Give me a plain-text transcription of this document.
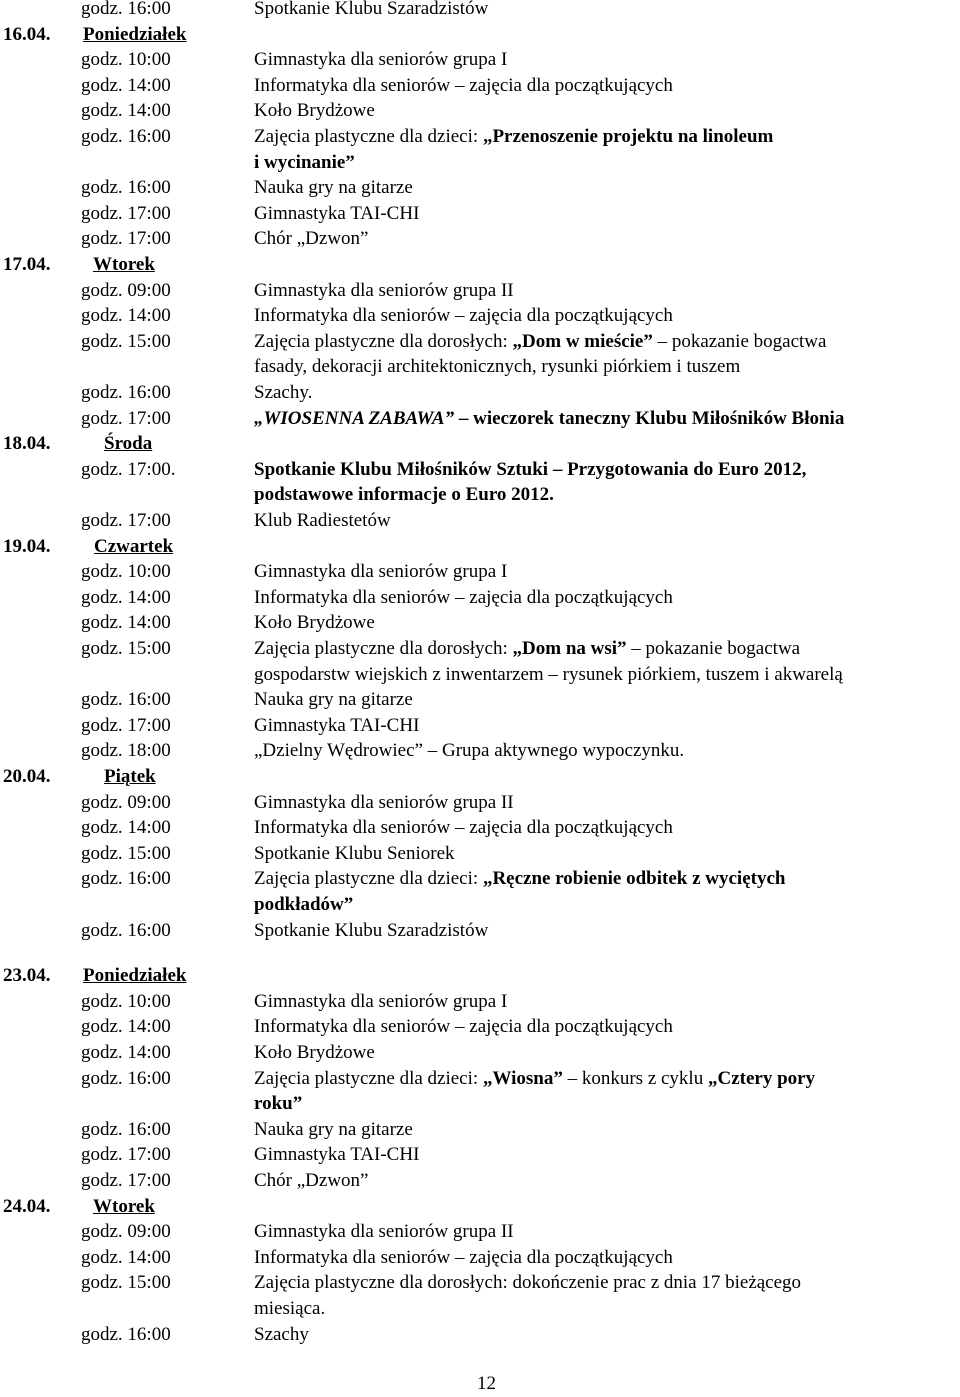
godz. 16:00	Spotkanie Klubu Szaradzistów
16.04. Poniedziałek
godz. 10:00	Gimnastyka dla seniorów grupa I
godz. 14:00	Informatyka dla seniorów – zajęcia dla początkujących
godz. 14:00	Koło Brydżowe
godz. 16:00	Zajęcia plastyczne dla dzieci: „Przenoszenie projektu na linoleum
i wycinanie”
godz. 16:00	Nauka gry na gitarze
godz. 17:00	Gimnastyka TAI-CHI
godz. 17:00	Chór „Dzwon”
17.04. Wtorek
godz. 09:00	Gimnastyka dla seniorów grupa II
godz. 14:00	Informatyka dla seniorów – zajęcia dla początkujących
godz. 15:00	Zajęcia plastyczne dla dorosłych: „Dom w mieście” – pokazanie bogactwa
fasady, dekoracji architektonicznych, rysunki piórkiem i tuszem
godz. 16:00	Szachy.
godz. 17:00	„WIOSENNA ZABAWA” – wieczorek taneczny Klubu Miłośników Błonia
18.04.	Środa
godz. 17:00.	Spotkanie Klubu Miłośników Sztuki – Przygotowania do Euro 2012,
podstawowe informacje o Euro 2012.
godz. 17:00	Klub Radiestetów
19.04. Czwartek
godz. 10:00	Gimnastyka dla seniorów grupa I
godz. 14:00	Informatyka dla seniorów – zajęcia dla początkujących
godz. 14:00	Koło Brydżowe
godz. 15:00	Zajęcia plastyczne dla dorosłych: „Dom na wsi” – pokazanie bogactwa
gospodarstw wiejskich z inwentarzem – rysunek piórkiem, tuszem i akwarelą
godz. 16:00	Nauka gry na gitarze
godz. 17:00	Gimnastyka TAI-CHI
godz. 18:00	„Dzielny Wędrowiec” – Grupa aktywnego wypoczynku.
20.04.	Piątek
godz. 09:00	Gimnastyka dla seniorów grupa II
godz. 14:00	Informatyka dla seniorów – zajęcia dla początkujących
godz. 15:00	Spotkanie Klubu Seniorek
godz. 16:00	Zajęcia plastyczne dla dzieci: „Ręczne robienie odbitek z wyciętych
podkładów”
godz. 16:00	Spotkanie Klubu Szaradzistów
23.04. Poniedziałek
godz. 10:00	Gimnastyka dla seniorów grupa I
godz. 14:00	Informatyka dla seniorów – zajęcia dla początkujących
godz. 14:00	Koło Brydżowe
godz. 16:00	Zajęcia plastyczne dla dzieci: „Wiosna” – konkurs z cyklu „Cztery pory
roku”
godz. 16:00	Nauka gry na gitarze
godz. 17:00	Gimnastyka TAI-CHI
godz. 17:00	Chór „Dzwon”
24.04. Wtorek
godz. 09:00	Gimnastyka dla seniorów grupa II
godz. 14:00	Informatyka dla seniorów – zajęcia dla początkujących
godz. 15:00	Zajęcia plastyczne dla dorosłych: dokończenie prac z dnia 17 bieżącego
miesiąca.
godz. 16:00	Szachy
12
